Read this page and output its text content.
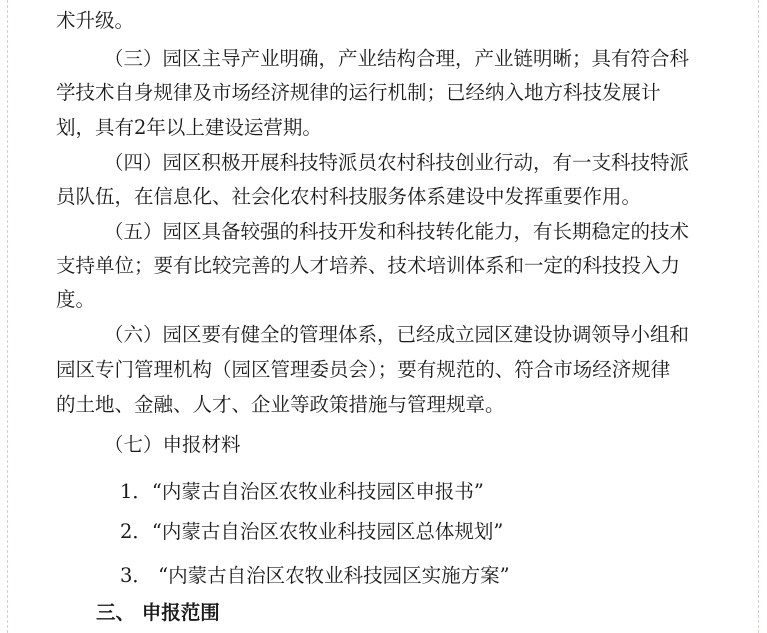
术升级。
（三）园区主导产业明确，产业结构合理，产业链明晰；具有符合科
学技术自身规律及市场经济规律的运行机制；已经纳入地方科技发展计
划，具有2年以上建设运营期。
（四）园区积极开展科技特派员农村科技创业行动，有一支科技特派
员队伍，在信息化、社会化农村科技服务体系建设中发挥重要作用。
（五）园区具备较强的科技开发和科技转化能力，有长期稳定的技术
支持单位；要有比较完善的人才培养、技术培训体系和一定的科技投入力
度。
（六）园区要有健全的管理体系，已经成立园区建设协调领导小组和
园区专门管理机构（园区管理委员会）；要有规范的、符合市场经济规律
的土地、金融、人才、企业等政策措施与管理规章。
（七）申报材料
1．“内蒙古自治区农牧业科技园区申报书”
2．“内蒙古自治区农牧业科技园区总体规划”
3． “内蒙古自治区农牧业科技园区实施方案”
三、 申报范围
